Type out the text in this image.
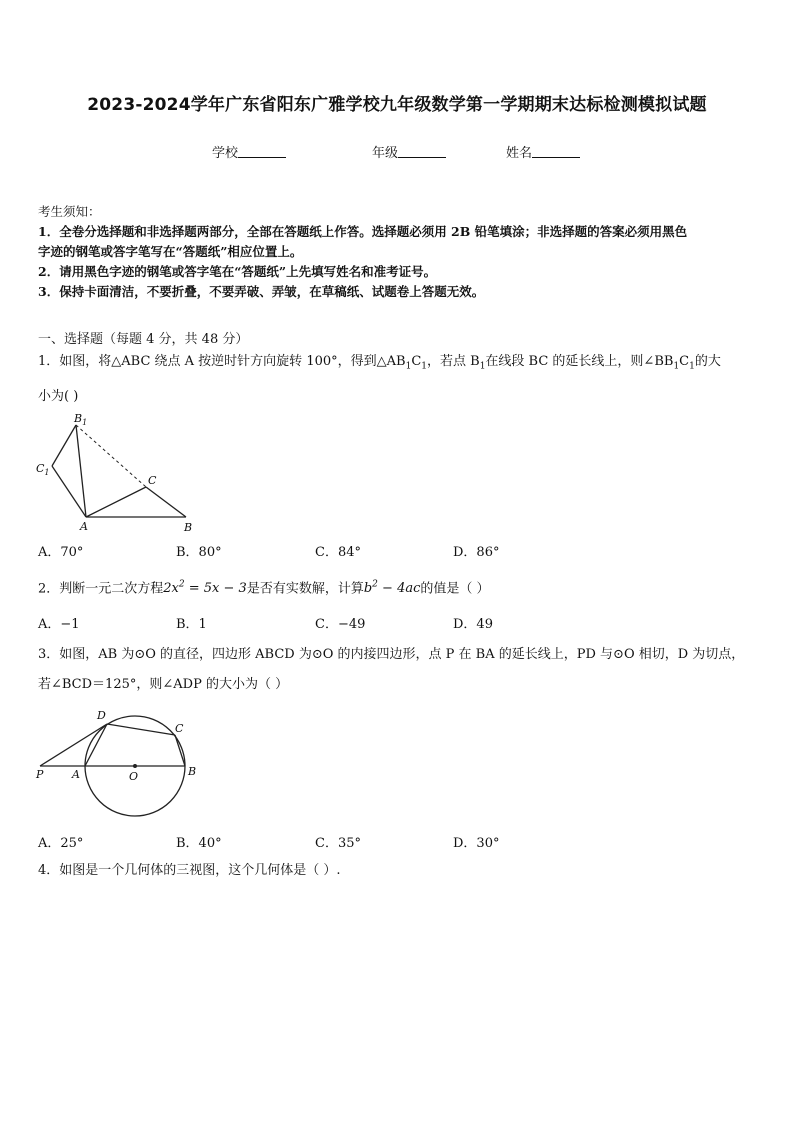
2023-2024学年广东省阳东广雅学校九年级数学第一学期期末达标检测模拟试题
学校	年级	姓名
考生须知：
1．全卷分选择题和非选择题两部分，全部在答题纸上作答。选择题必须用 2B 铅笔填涂；非选择题的答案必须用黑色
字迹的钢笔或答字笔写在“答题纸”相应位置上。
2．请用黑色字迹的钢笔或答字笔在“答题纸”上先填写姓名和准考证号。
3．保持卡面清洁，不要折叠，不要弄破、弄皱，在草稿纸、试题卷上答题无效。
一、选择题（每题 4 分，共 48 分）
1．如图，将△ABC 绕点 A 按逆时针方向旋转 100°，得到$\triangle AB_1C_1$，若点 $B_1$在线段 BC 的延长线上，则$\angle BB_1C_1$的大
小为( )
$B_1$
$C_1$
A	B
C
A．70°	B．80°	C．84°	D．86°
2．判断一元二次方程$2x^2 = 5x - 3$是否有实数解，计算$b^2 - 4ac$的值是（ ）
A．−1	B．1	C．−49	D．49
3．如图，AB 为⊙O 的直径，四边形 ABCD 为⊙O 的内接四边形，点 P 在 BA 的延长线上，PD 与⊙O 相切，D 为切点，
若∠BCD＝125°，则∠ADP 的大小为（ ）
P	A	O	B
C
D
A．25°	B．40°	C．35°	D．30°
4．如图是一个几何体的三视图，这个几何体是（ ）.
